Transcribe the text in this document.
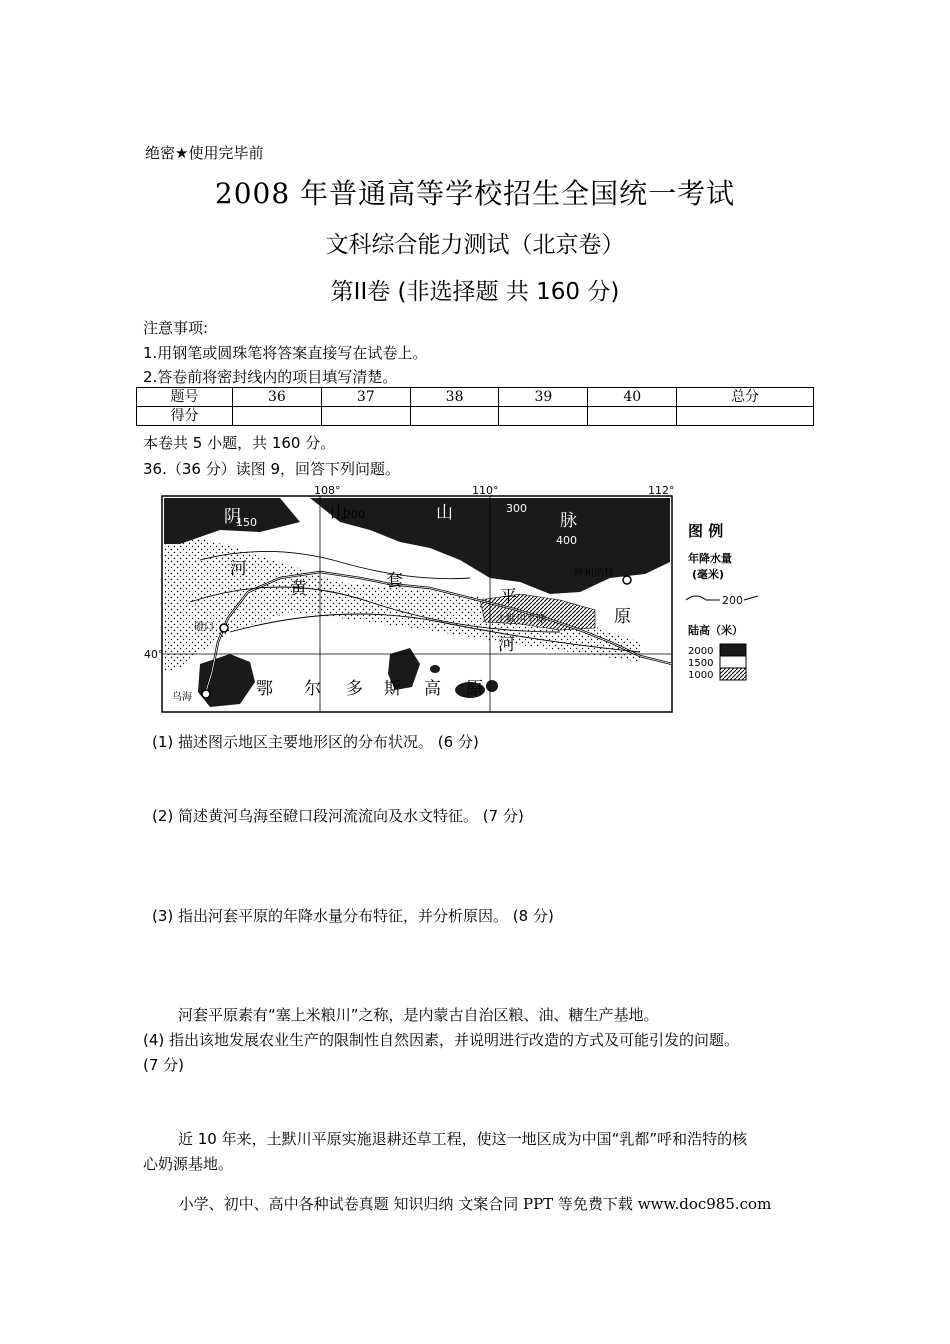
绝密★使用完毕前
2008 年普通高等学校招生全国统一考试
文科综合能力测试（北京卷）
第II卷 (非选择题 共 160 分)
注意事项:
1.用钢笔或圆珠笔将答案直接写在试卷上。
2.答卷前将密封线内的项目填写清楚。
题号	36	37	38	39	40	总分
得分						
本卷共 5 小题，共 160 分。
36.（36 分）读图 9，回答下列问题。
108°	110°	112°
40°
阴	山	山	脉
150
200	300
400
河
黄	套
平
河
原
磴口
乌海
呼和浩特
土默川平原
鄂 尔 多 斯 高 原
图 例
年降水量
(毫米)
200
陆高（米）
2000
1500
1000
(1) 描述图示地区主要地形区的分布状况。 (6 分)
(2) 简述黄河乌海至磴口段河流流向及水文特征。 (7 分)
(3) 指出河套平原的年降水量分布特征，并分析原因。 (8 分)
河套平原素有“塞上米粮川”之称，是内蒙古自治区粮、油、糖生产基地。
(4) 指出该地发展农业生产的限制性自然因素，并说明进行改造的方式及可能引发的问题。
(7 分)
近 10 年来，土默川平原实施退耕还草工程，使这一地区成为中国“乳都”呼和浩特的核
心奶源基地。
小学、初中、高中各种试卷真题 知识归纳 文案合同 PPT 等免费下载 www.doc985.com
